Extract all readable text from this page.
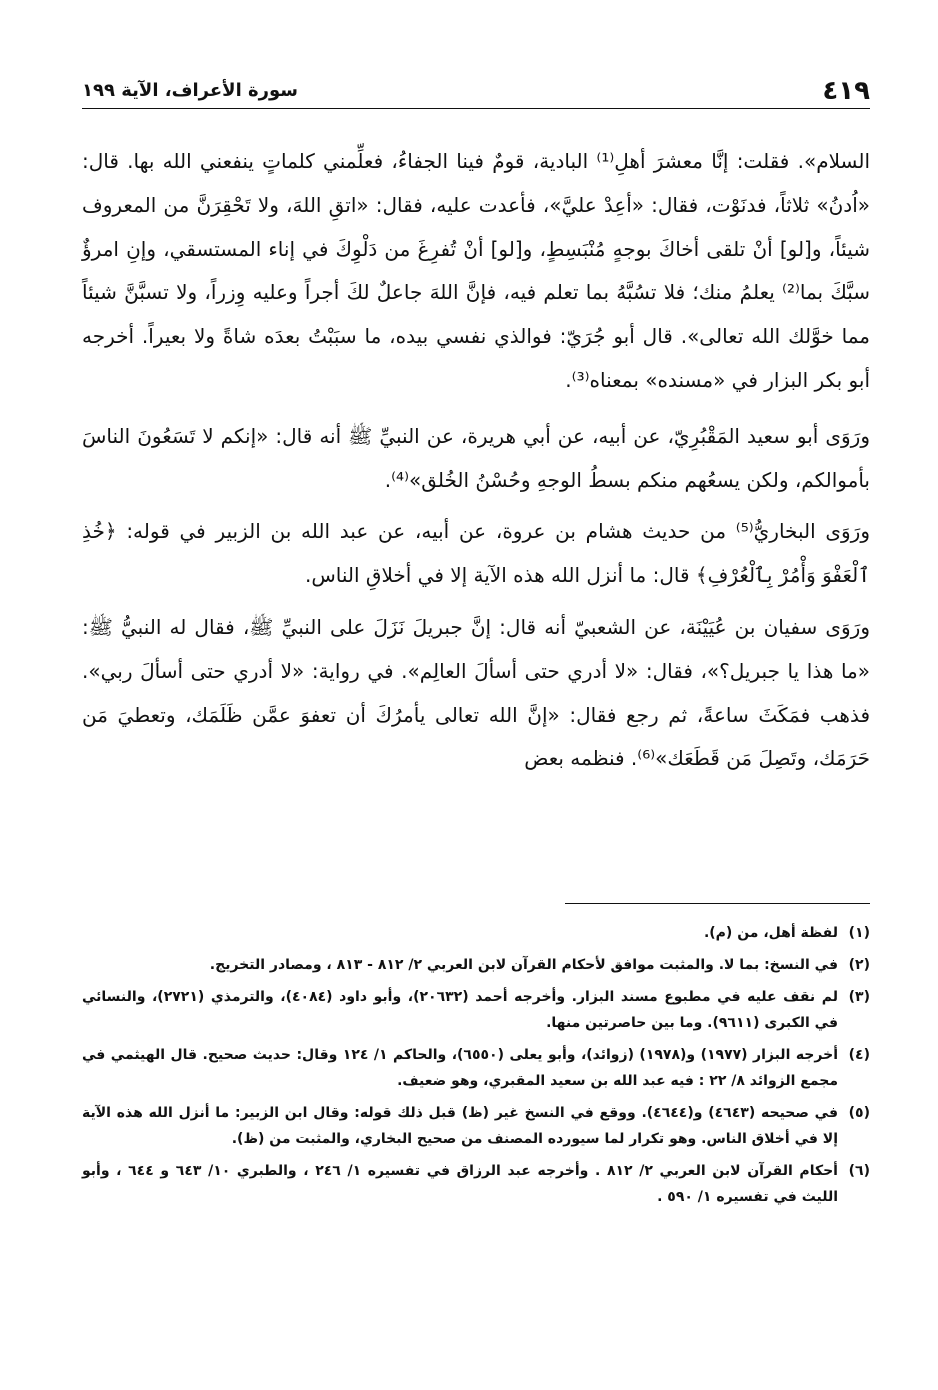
٤١٩
سورة الأعراف، الآية ١٩٩

السلام». فقلت: إنَّا معشرَ أهلِ⁽¹⁾ البادية، قومٌ فينا الجفاءُ، فعلِّمني كلماتٍ ينفعني الله بها. قال: «اُدنُ» ثلاثاً، فدنَوْت، فقال: «أعِدْ عليَّ»، فأعدت عليه، فقال: «اتقِ اللهَ، ولا تَحْقِرَنَّ من المعروف شيئاً، و[لو] أنْ تلقى أخاكَ بوجهٍ مُنْبَسِطٍ، و[لو] أنْ تُفرِغَ من دَلْوِكَ في إناء المستسقي، وإنِ امرؤٌ سبَّكَ بما⁽²⁾ يعلمُ منك؛ فلا تسُبَّهُ بما تعلم فيه، فإنَّ اللهَ جاعلٌ لكَ أجراً وعليه وِزراً، ولا تسبَّنَّ شيئاً مما خوَّلك الله تعالى». قال أبو جُرَيّ: فوالذي نفسي بيده، ما سبَبْتُ بعدَه شاةً ولا بعيراً. أخرجه أبو بكر البزار في «مسنده» بمعناه⁽³⁾.

ورَوَى أبو سعيد المَقْبُرِيّ، عن أبيه، عن أبي هريرة، عن النبيِّ ﷺ أنه قال: «إنكم لا تَسَعُونَ الناسَ بأموالكم، ولكن يسعُهم منكم بسطُ الوجهِ وحُسْنُ الخُلق»⁽⁴⁾.

ورَوَى البخاريُّ⁽⁵⁾ من حديث هشام بن عروة، عن أبيه، عن عبد الله بن الزبير في قوله: ﴿خُذِ ٱلْعَفْوَ وَأْمُرْ بِٱلْعُرْفِ﴾ قال: ما أنزل الله هذه الآية إلا في أخلاقِ الناس.

ورَوَى سفيان بن عُيَيْنَة، عن الشعبيّ أنه قال: إنَّ جبريلَ نَزَلَ على النبيِّ ﷺ، فقال له النبيُّ ﷺ: «ما هذا يا جبريل؟»، فقال: «لا أدري حتى أسألَ العالِم». في رواية: «لا أدري حتى أسألَ ربي». فذهب فمَكَثَ ساعةً، ثم رجع فقال: «إنَّ الله تعالى يأمرُكَ أن تعفوَ عمَّن ظَلَمَك، وتعطيَ مَن حَرَمَك، وتَصِلَ مَن قَطَعَك»⁽⁶⁾. فنظمه بعض

(١)
لفظة أهل، من (م).
(٢)
في النسخ: بما لا. والمثبت موافق لأحكام القرآن لابن العربي ٢/ ٨١٢ - ٨١٣ ، ومصادر التخريج.
(٣)
لم نقف عليه في مطبوع مسند البزار. وأخرجه أحمد (٢٠٦٣٢)، وأبو داود (٤٠٨٤)، والترمذي (٢٧٢١)، والنسائي في الكبرى (٩٦١١). وما بين حاصرتين منها.
(٤)
أخرجه البزار (١٩٧٧) و(١٩٧٨) (زوائد)، وأبو يعلى (٦٥٥٠)، والحاكم ١/ ١٢٤ وقال: حديث صحيح. قال الهيثمي في مجمع الزوائد ٨/ ٢٢ : فيه عبد الله بن سعيد المقبري، وهو ضعيف.
(٥)
في صحيحه (٤٦٤٣) و(٤٦٤٤). ووقع في النسخ غير (ظ) قبل ذلك قوله: وقال ابن الزبير: ما أنزل الله هذه الآية إلا في أخلاق الناس. وهو تكرار لما سيورده المصنف من صحيح البخاري، والمثبت من (ظ).
(٦)
أحكام القرآن لابن العربي ٢/ ٨١٢ . وأخرجه عبد الرزاق في تفسيره ١/ ٢٤٦ ، والطبري ١٠/ ٦٤٣ و ٦٤٤ ، وأبو الليث في تفسيره ١/ ٥٩٠ .
